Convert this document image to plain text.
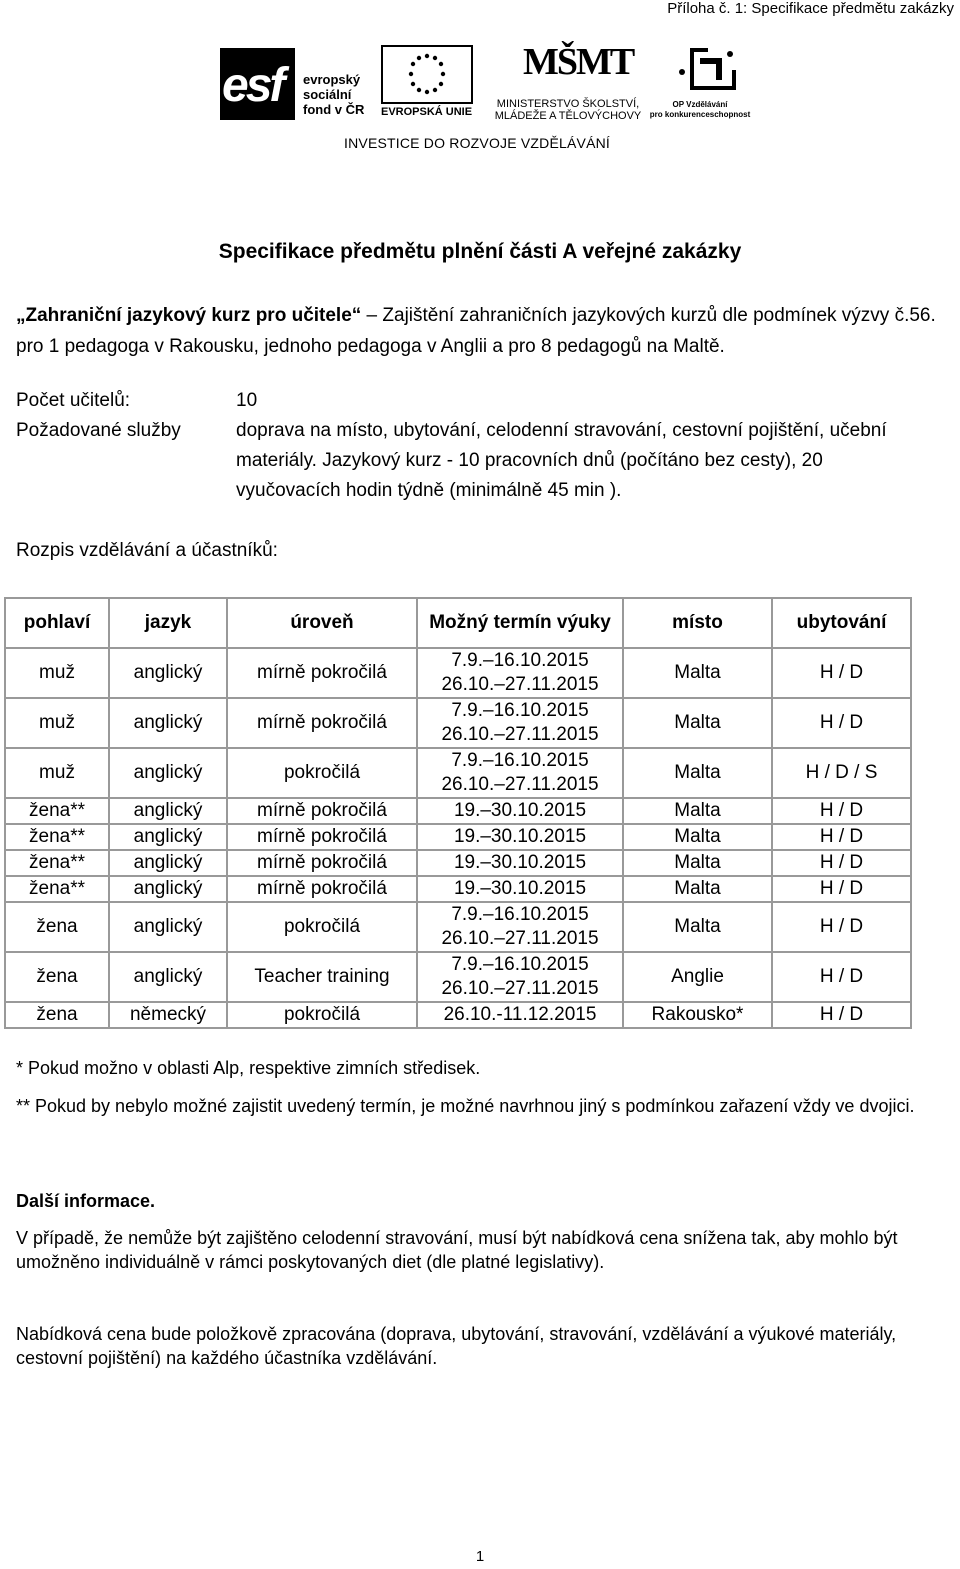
Příloha č. 1: Specifikace předmětu zakázky
esf evropský
sociální
fond v ČR EVROPSKÁ UNIE
MŠMT
MINISTERSTVO ŠKOLSTVÍ,
MLÁDEŽE A TĚLOVÝCHOVY
OP Vzdělávání
pro konkurenceschopnost
INVESTICE DO ROZVOJE VZDĚLÁVÁNÍ
Specifikace předmětu plnění části A veřejné zakázky
„Zahraniční jazykový kurz pro učitele“ – Zajištění zahraničních jazykových kurzů dle podmínek výzvy č.56. pro 1 pedagoga v Rakousku, jednoho pedagoga v Anglii a pro 8 pedagogů na Maltě.
Počet učitelů:	10
Požadované služby	doprava na místo, ubytování, celodenní stravování, cestovní pojištění, učební
materiály. Jazykový kurz - 10 pracovních dnů (počítáno bez cesty), 20
vyučovacích hodin týdně (minimálně 45 min ).
Rozpis vzdělávání a účastníků:
pohlaví	jazyk	úroveň	Možný termín výuky	místo	ubytování

muž	anglický	mírně pokročilá	7.9.–16.10.2015
26.10.–27.11.2015	Malta	H / D

muž	anglický	mírně pokročilá	7.9.–16.10.2015
26.10.–27.11.2015	Malta	H / D

muž	anglický	pokročilá	7.9.–16.10.2015
26.10.–27.11.2015	Malta	H / D / S

žena**	anglický	mírně pokročilá	19.–30.10.2015	Malta	H / D

žena**	anglický	mírně pokročilá	19.–30.10.2015	Malta	H / D

žena**	anglický	mírně pokročilá	19.–30.10.2015	Malta	H / D

žena**	anglický	mírně pokročilá	19.–30.10.2015	Malta	H / D

žena	anglický	pokročilá	7.9.–16.10.2015
26.10.–27.11.2015	Malta	H / D

žena	anglický	Teacher training	7.9.–16.10.2015
26.10.–27.11.2015	Anglie	H / D

žena	německý	pokročilá	26.10.-11.12.2015	Rakousko*	H / D
* Pokud možno v oblasti Alp, respektive zimních středisek.
** Pokud by nebylo možné zajistit uvedený termín, je možné navrhnou jiný s podmínkou zařazení vždy ve dvojici.
Další informace.
V případě, že nemůže být zajištěno celodenní stravování, musí být nabídková cena snížena tak, aby mohlo být umožněno individuálně v rámci poskytovaných diet (dle platné legislativy).
Nabídková cena bude položkově zpracována (doprava, ubytování, stravování, vzdělávání a výukové materiály, cestovní pojištění) na každého účastníka vzdělávání.
1
